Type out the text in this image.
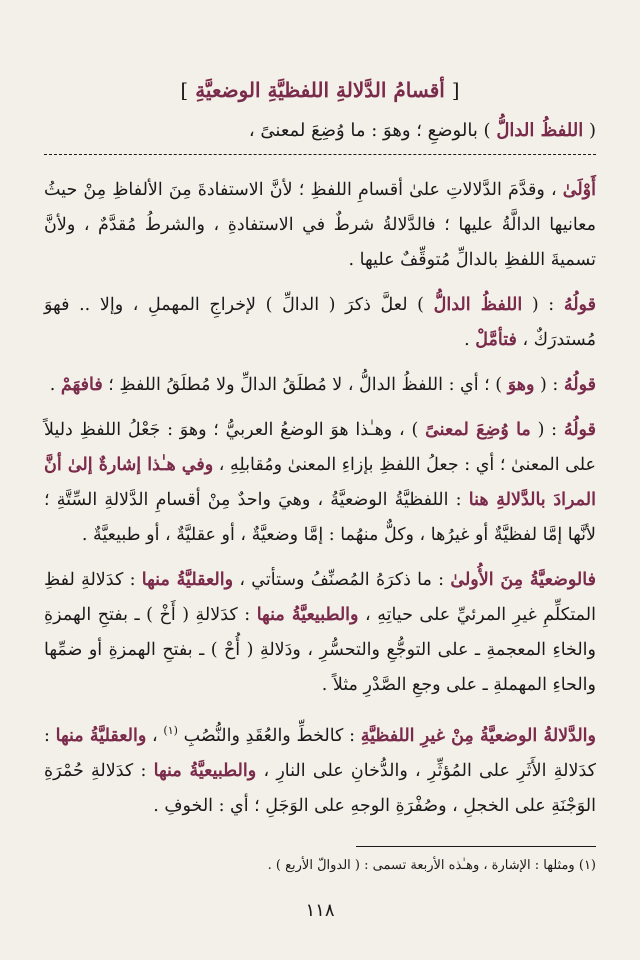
[ أقسامُ الدَّلالةِ اللفظيَّةِ الوضعيَّةِ ]
( اللفظُ الدالُّ ) بالوضعِ ؛ وهوَ : ما وُضِعَ لمعنىً ،

أَوْلَىٰ ، وقدَّمَ الدَّلالاتِ علىٰ أقسامِ اللفظِ ؛ لأنَّ الاستفادةَ مِنَ الألفاظِ مِنْ حيثُ معانيها الدالَّةُ عليها ؛ فالدَّلالةُ شرطٌ في الاستفادةِ ، والشرطُ مُقدَّمٌ ، ولأنَّ تسميةَ اللفظِ بالدالِّ مُتوقِّفٌ عليها .

قولُهُ : ( اللفظُ الدالُّ ) لعلَّ ذكرَ ( الدالِّ ) لإخراجِ المهملِ ، وإلا .. فهوَ مُستدرَكٌ ، فتأمَّلْ .

قولُهُ : ( وهوَ ) ؛ أي : اللفظُ الدالُّ ، لا مُطلَقُ الدالِّ ولا مُطلَقُ اللفظِ ؛ فافهَمْ .

قولُهُ : ( ما وُضِعَ لمعنىً ) ، وهـٰذا هوَ الوضعُ العربيُّ ؛ وهوَ : جَعْلُ اللفظِ دليلاً على المعنىٰ ؛ أي : جعلُ اللفظِ بإزاءِ المعنىٰ ومُقابلِهِ ، وفي هـٰذا إشارةٌ إلىٰ أنَّ المرادَ بالدَّلالةِ هنا : اللفظيَّةُ الوضعيَّةُ ، وهيَ واحدٌ مِنْ أقسامِ الدَّلالةِ السِّتَّةِ ؛ لأنَّها إمَّا لفظيَّةٌ أو غيرُها ، وكلٌّ منهُما : إمَّا وضعيَّةٌ ، أو عقليَّةٌ ، أو طبيعيَّةٌ .

فالوضعيَّةُ مِنَ الأُولىٰ : ما ذكرَهُ المُصنِّفُ وستأتي ، والعقليَّةُ منها : كدَلالةِ لفظِ المتكلِّمِ غيرِ المرئيِّ على حياتِهِ ، والطبيعيَّةُ منها : كدَلالةِ ( أَخْ ) ـ بفتحِ الهمزةِ والخاءِ المعجمةِ ـ على التوجُّعِ والتحسُّرِ ، ودَلالةِ ( أُحْ ) ـ بفتحِ الهمزةِ أو ضمِّها والحاءِ المهملةِ ـ على وجعِ الصَّدْرِ مثلاً .

والدَّلالةُ الوضعيَّةُ مِنْ غيرِ اللفظيَّةِ : كالخطِّ والعُقَدِ والنُّصُبِ $^{(١)}$ ، والعقليَّةُ منها : كدَلالةِ الأَثَرِ على المُؤثِّرِ ، والدُّخانِ على النارِ ، والطبيعيَّةُ منها : كدَلالةِ حُمْرَةِ الوَجْنَةِ على الخجلِ ، وصُفْرَةِ الوجهِ على الوَجَلِ ؛ أي : الخوفِ .

(١) ومثلها : الإشارة ، وهـٰذه الأربعة تسمى : ( الدوالّ الأربع ) .
١١٨
